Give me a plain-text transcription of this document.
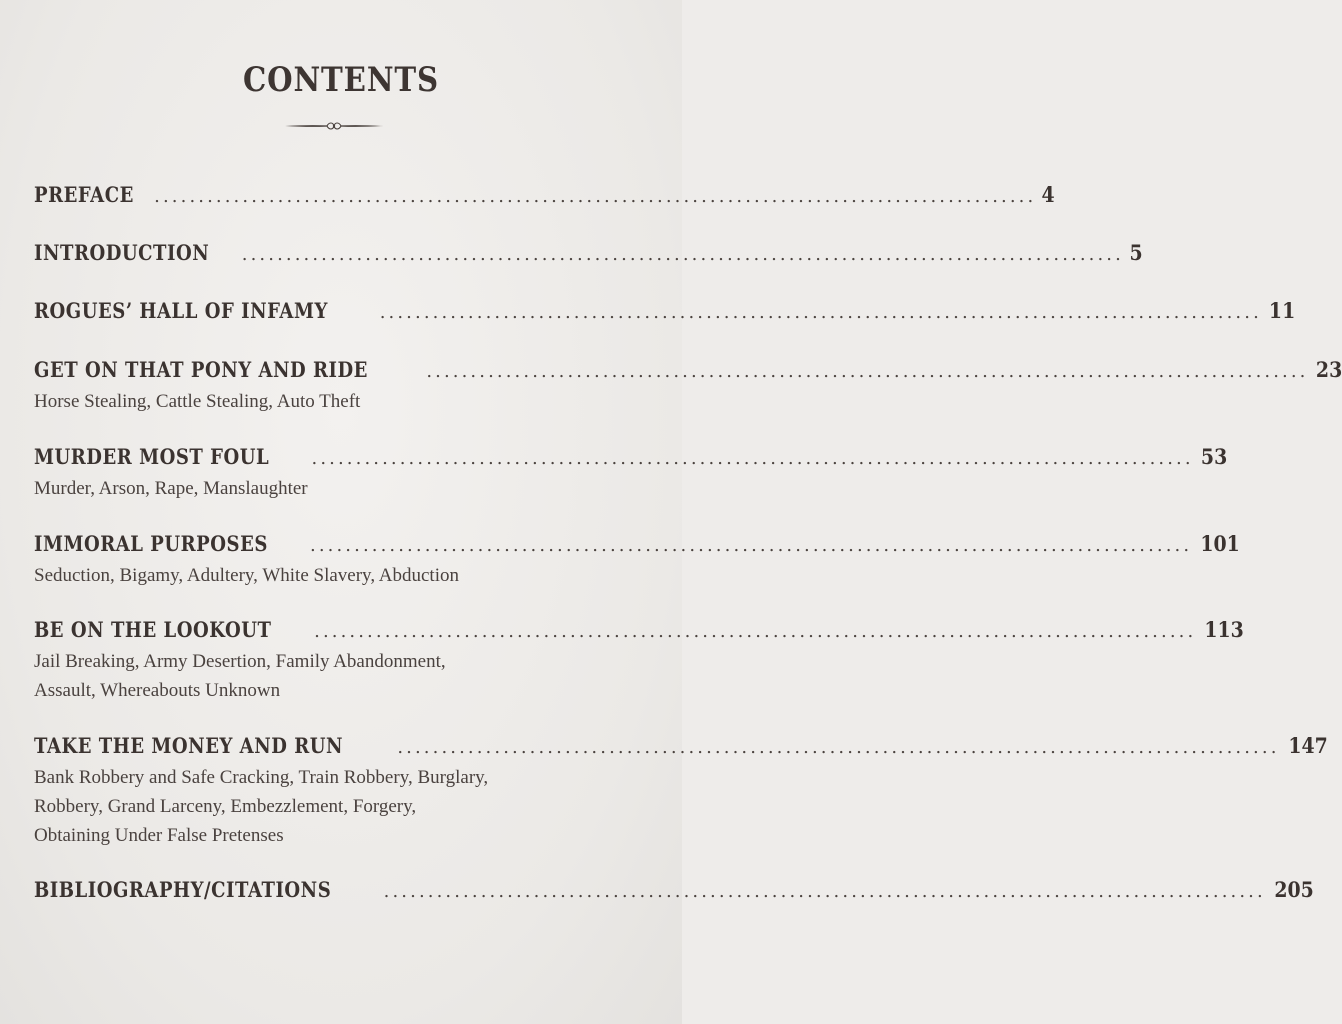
CONTENTS
PREFACE .................................................................................................... 4
INTRODUCTION .................................................................................................... 5
ROGUES’ HALL OF INFAMY	.................................................................................................... 11
GET ON THAT PONY AND RIDE	.................................................................................................... 23
Horse Stealing, Cattle Stealing, Auto Theft
MURDER MOST FOUL .................................................................................................... 53
Murder, Arson, Rape, Manslaughter
IMMORAL PURPOSES .................................................................................................... 101
Seduction, Bigamy, Adultery, White Slavery, Abduction
BE ON THE LOOKOUT .................................................................................................... 113
Jail Breaking, Army Desertion, Family Abandonment,
Assault, Whereabouts Unknown
TAKE THE MONEY AND RUN	.................................................................................................... 147
Bank Robbery and Safe Cracking, Train Robbery, Burglary,
Robbery, Grand Larceny, Embezzlement, Forgery,
Obtaining Under False Pretenses
BIBLIOGRAPHY/CITATIONS	.................................................................................................... 205
